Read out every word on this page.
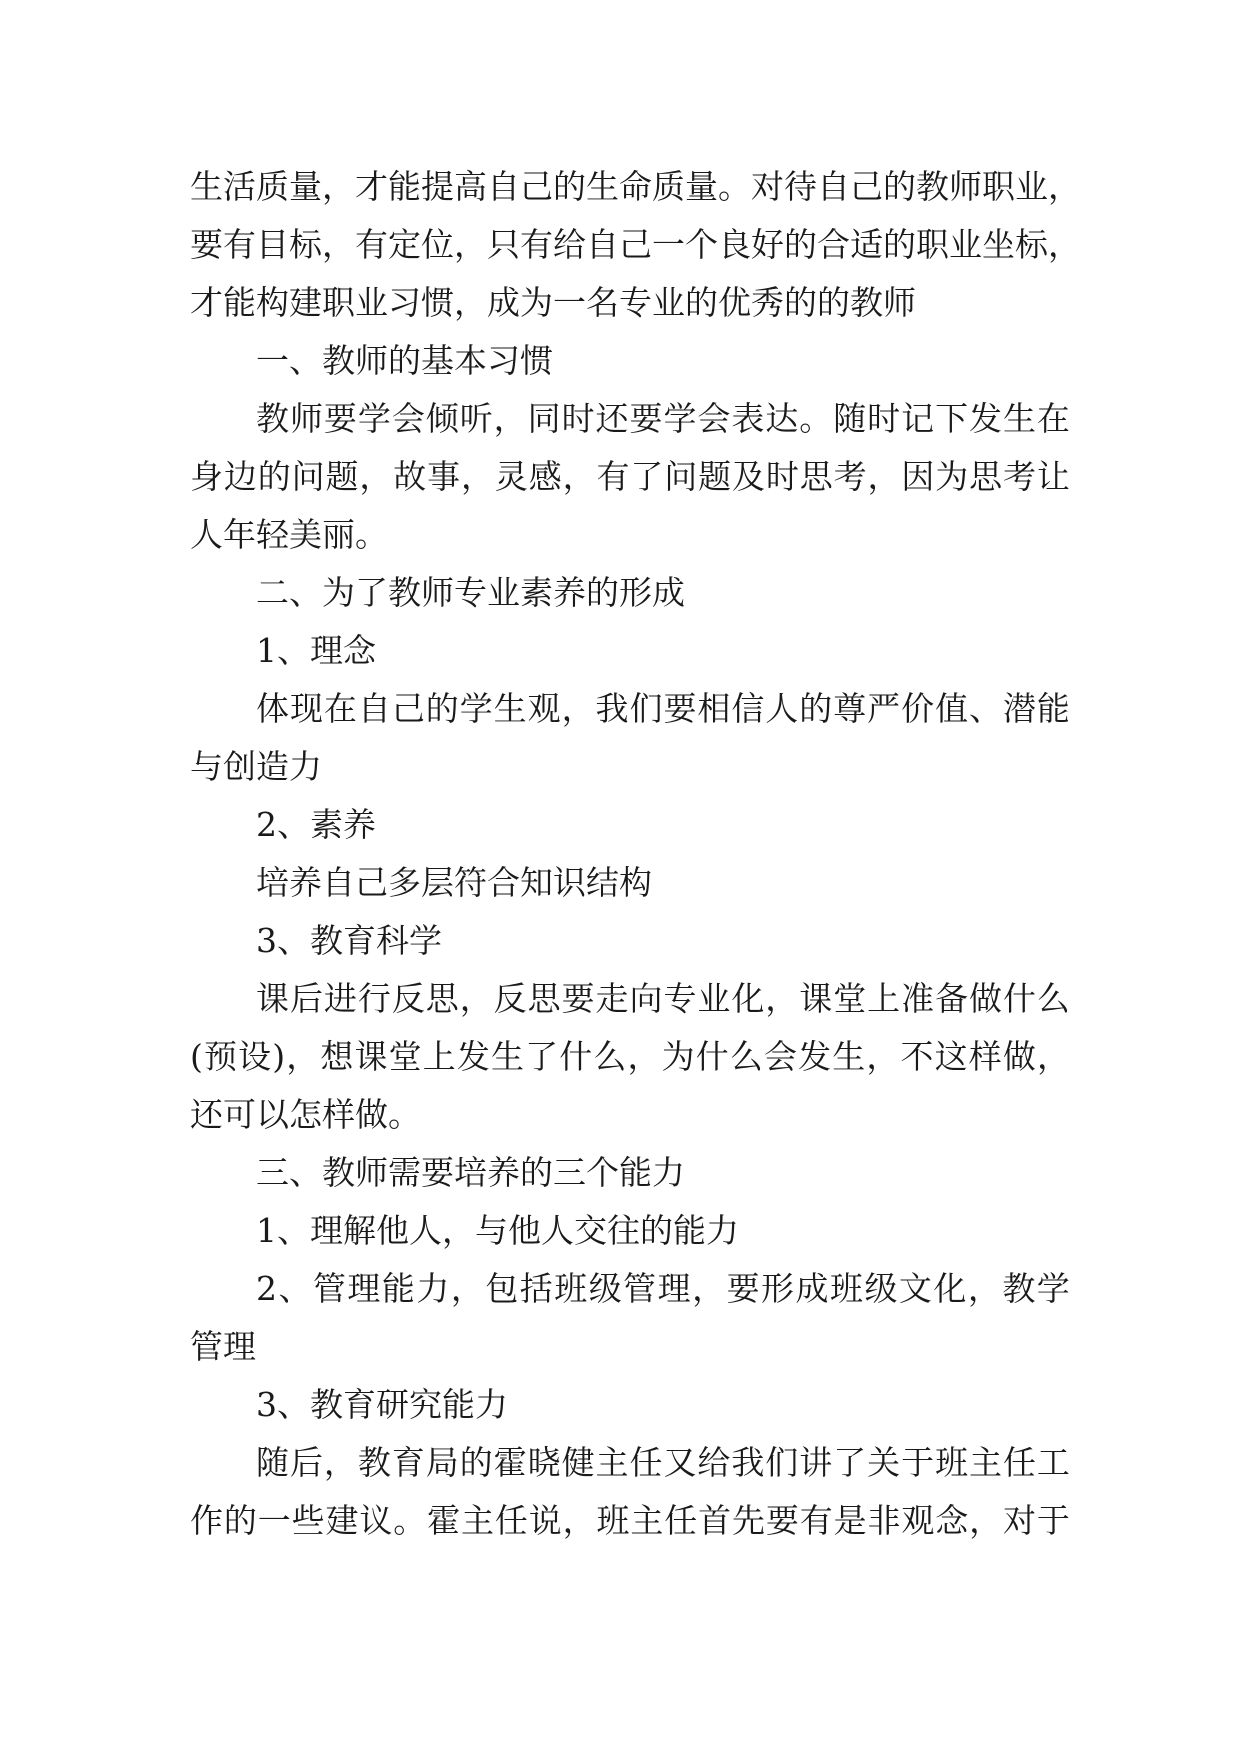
生 活 质 量 ， 才 能 提 高 自 己 的 生 命 质 量 。 对 待 自 己 的 教 师 职 业 ，
要 有 目 标 ， 有 定 位 ， 只 有 给 自 己 一 个 良 好 的 合 适 的 职 业 坐 标 ，
才能构建职业习惯，成为一名专业的优秀的的教师
一、教师的基本习惯
教 师 要 学 会 倾 听 ， 同 时 还 要 学 会 表 达 。 随 时 记 下 发 生 在
身 边 的 问 题 ， 故 事 ， 灵 感 ， 有 了 问 题 及 时 思 考 ， 因 为 思 考 让
人年轻美丽。
二、为了教师专业素养的形成
1、理念
体 现 在 自 己 的 学 生 观 ， 我 们 要 相 信 人 的 尊 严 价 值 、 潜 能
与创造力
2、素养
培养自己多层符合知识结构
3、教育科学
课 后 进 行 反 思 ， 反 思 要 走 向 专 业 化 ， 课 堂 上 准 备 做 什 么
( 预 设 ) ， 想 课 堂 上 发 生 了 什 么 ， 为 什 么 会 发 生 ， 不 这 样 做 ，
还可以怎样做。
三、教师需要培养的三个能力
1、理解他人，与他人交往的能力
2 、 管 理 能 力 ， 包 括 班 级 管 理 ， 要 形 成 班 级 文 化 ， 教 学
管理
3、教育研究能力
随 后 ， 教 育 局 的 霍 晓 健 主 任 又 给 我 们 讲 了 关 于 班 主 任 工
作 的 一 些 建 议 。 霍 主 任 说 ， 班 主 任 首 先 要 有 是 非 观 念 ， 对 于
